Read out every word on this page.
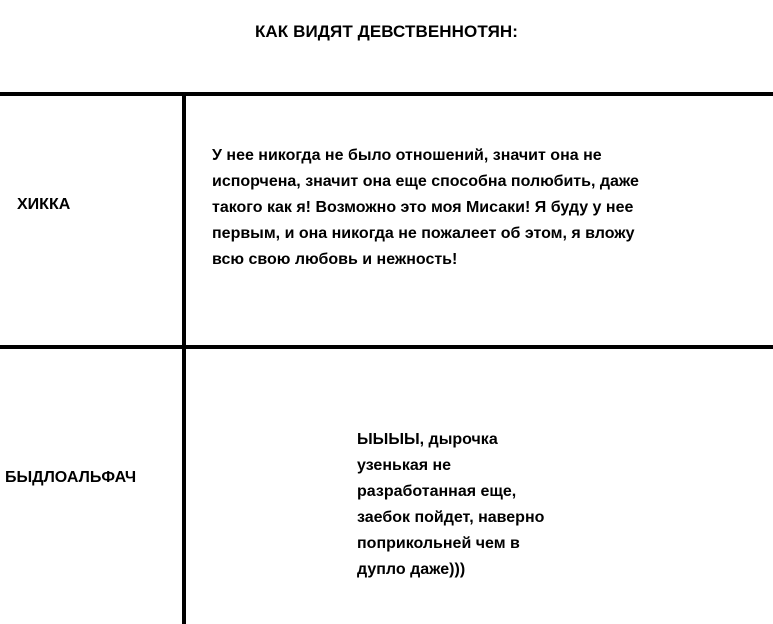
КАК ВИДЯТ ДЕВСТВЕННОТЯН:
ХИККА
У нее никогда не было отношений, значит она не
испорчена, значит она еще способна полюбить, даже
такого как я! Возможно это моя Мисаки! Я буду у нее
первым, и она никогда не пожалеет об этом, я вложу
всю свою любовь и нежность!
БЫДЛОАЛЬФАЧ
ЫЫЫЫ, дырочка
узенькая не
разработанная еще,
заебок пойдет, наверно
поприкольней чем в
дупло даже)))
